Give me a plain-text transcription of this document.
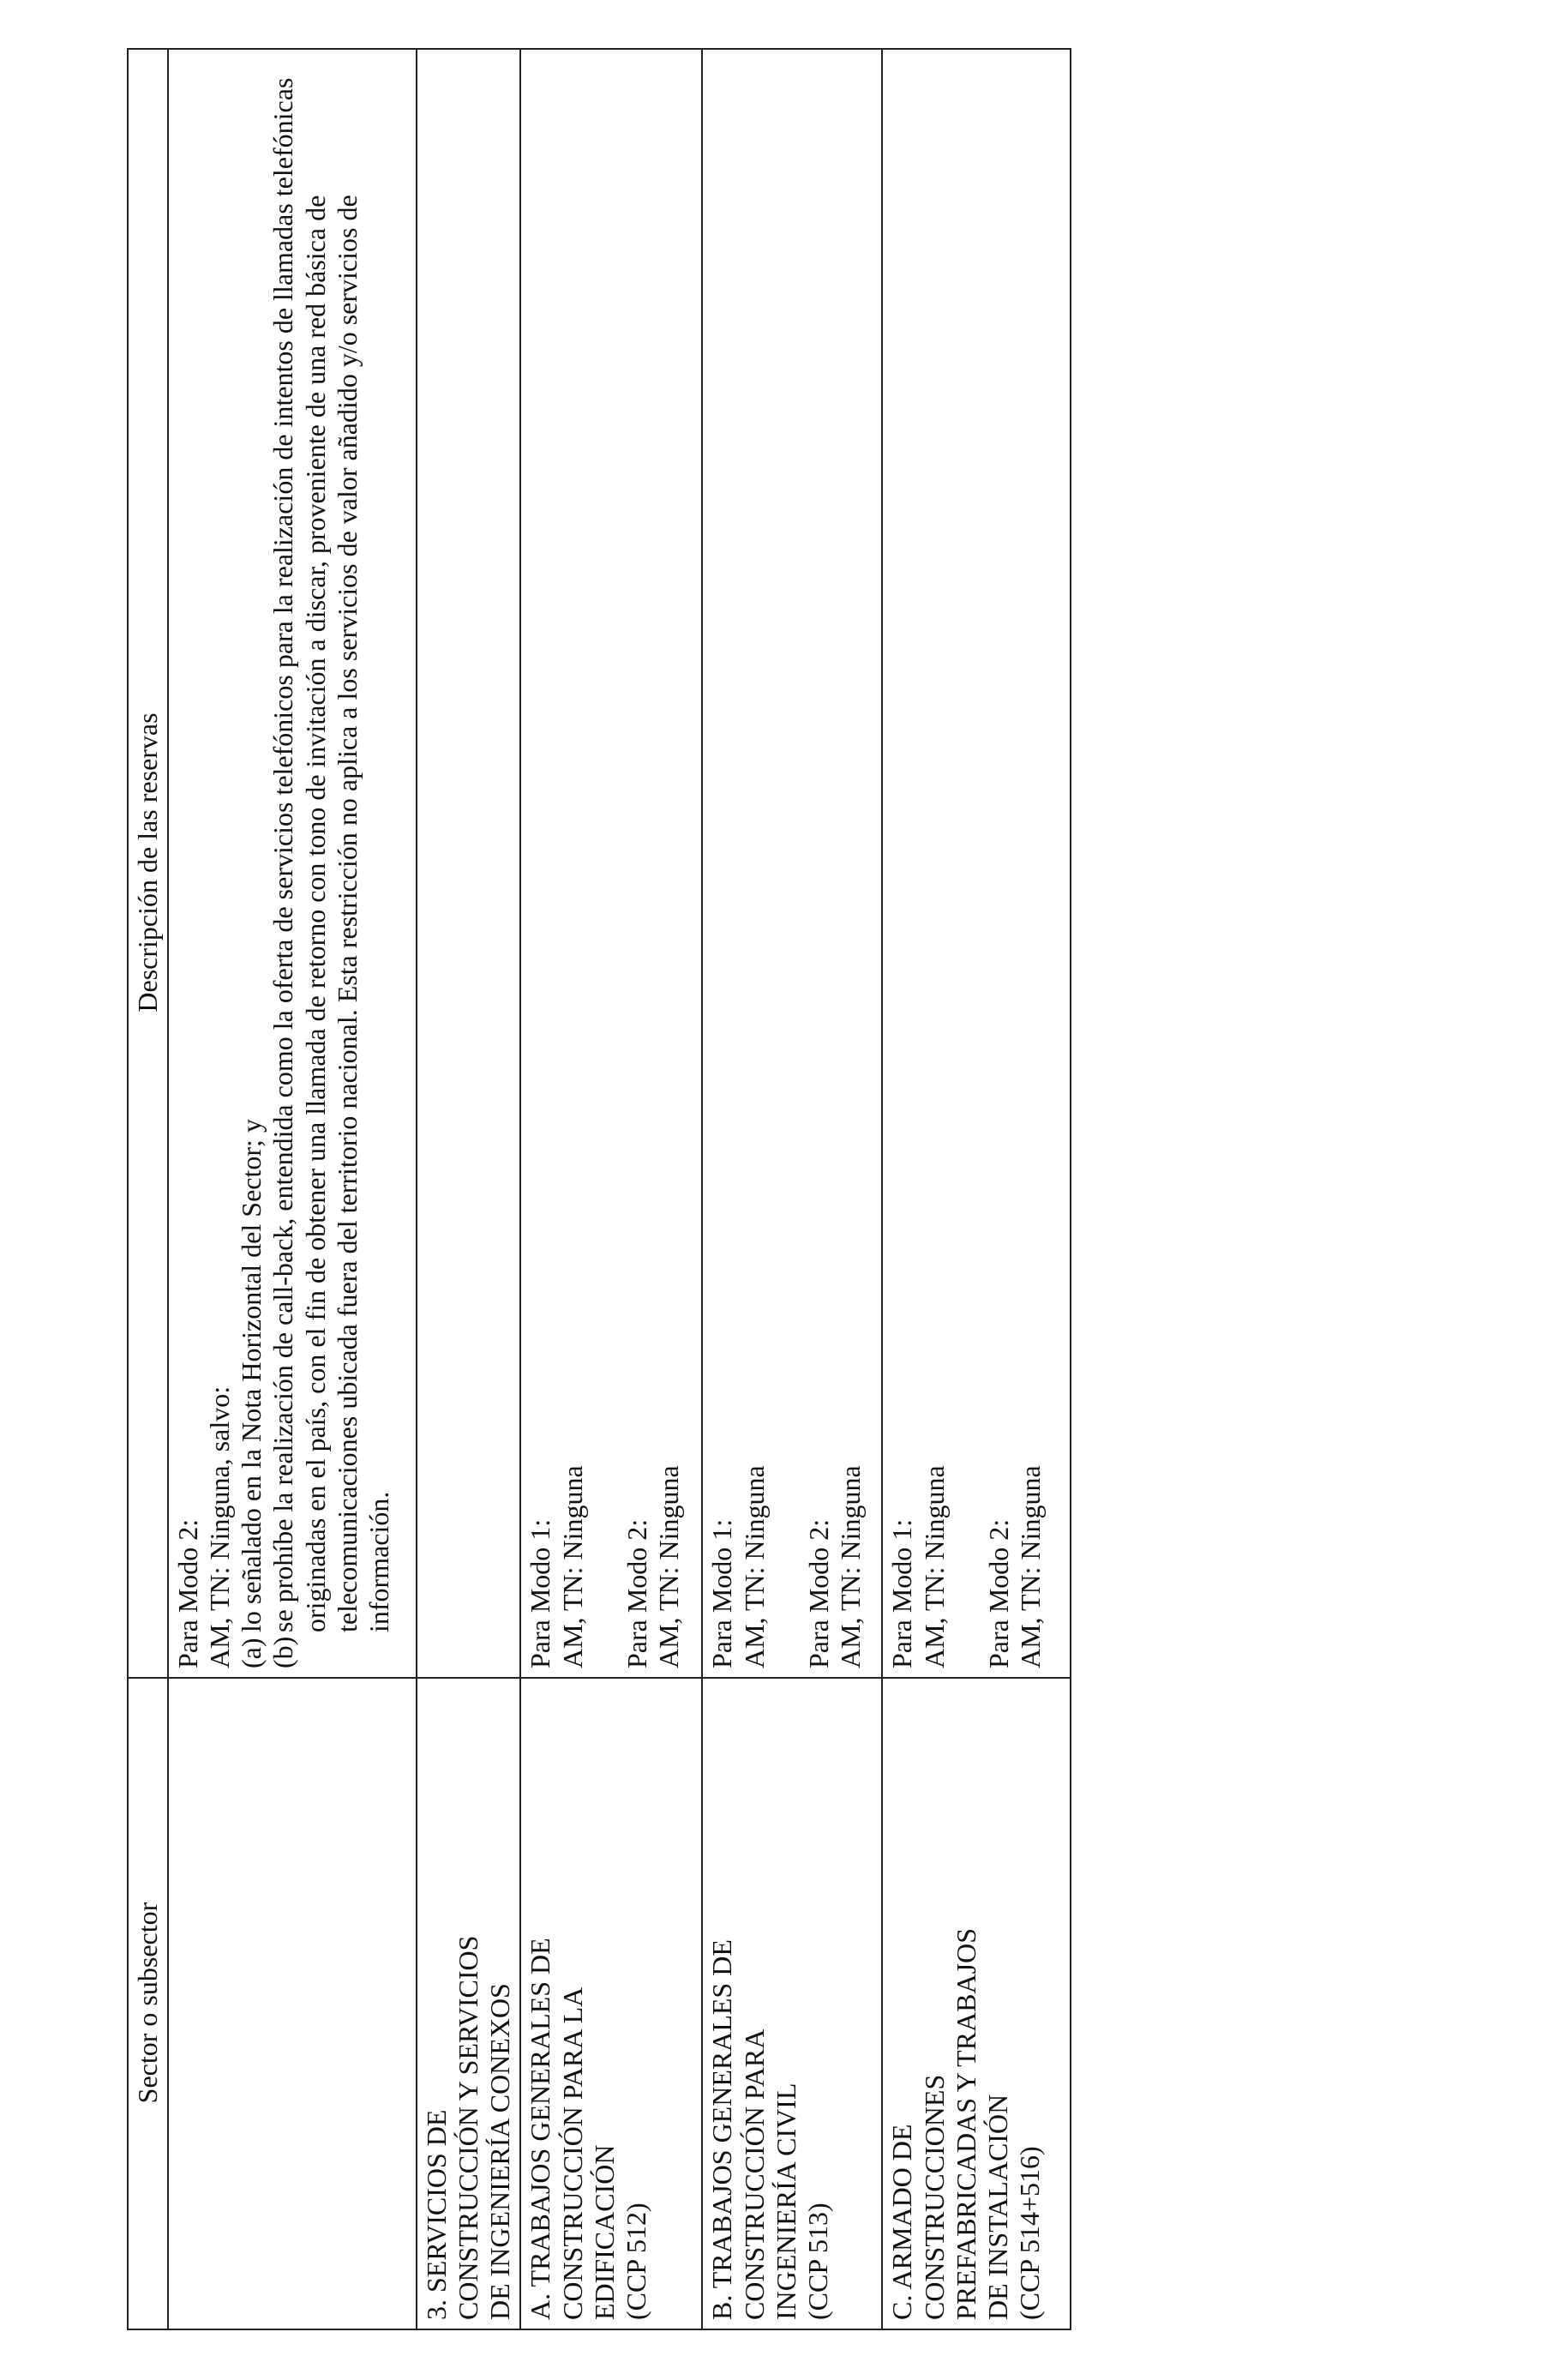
Sector o subsector	Descripción de las reservas

	Para Modo 2: AM, TN: Ninguna, salvo: (a)lo señalado en la Nota Horizontal del Sector; y
(b)se prohíbe la realización de call-back, entendida como la oferta de servicios telefónicos para la realización de intentos de llamadas telefónicas originadas en el país, con el fin de obtener una llamada de retorno con tono de invitación a discar, proveniente de una red básica de telecomunicaciones ubicada fuera del territorio nacional. Esta restricción no aplica a los servicios de valor añadido y/o servicios de información.

3. SERVICIOS DE CONSTRUCCIÓN Y SERVICIOS DE INGENIERÍA CONEXOS	

A. TRABAJOS GENERALES DE CONSTRUCCIÓN PARA LA EDIFICACIÓN (CCP 512)	Para Modo 1: AM, TN: Ninguna Para Modo 2: AM, TN: Ninguna

B. TRABAJOS GENERALES DE CONSTRUCCIÓN PARA INGENIERÍA CIVIL (CCP 513)	Para Modo 1: AM, TN: Ninguna Para Modo 2: AM, TN: Ninguna

C. ARMADO DE CONSTRUCCIONES PREFABRICADAS Y TRABAJOS DE INSTALACIÓN (CCP 514+516)	Para Modo 1: AM, TN: Ninguna Para Modo 2: AM, TN: Ninguna
